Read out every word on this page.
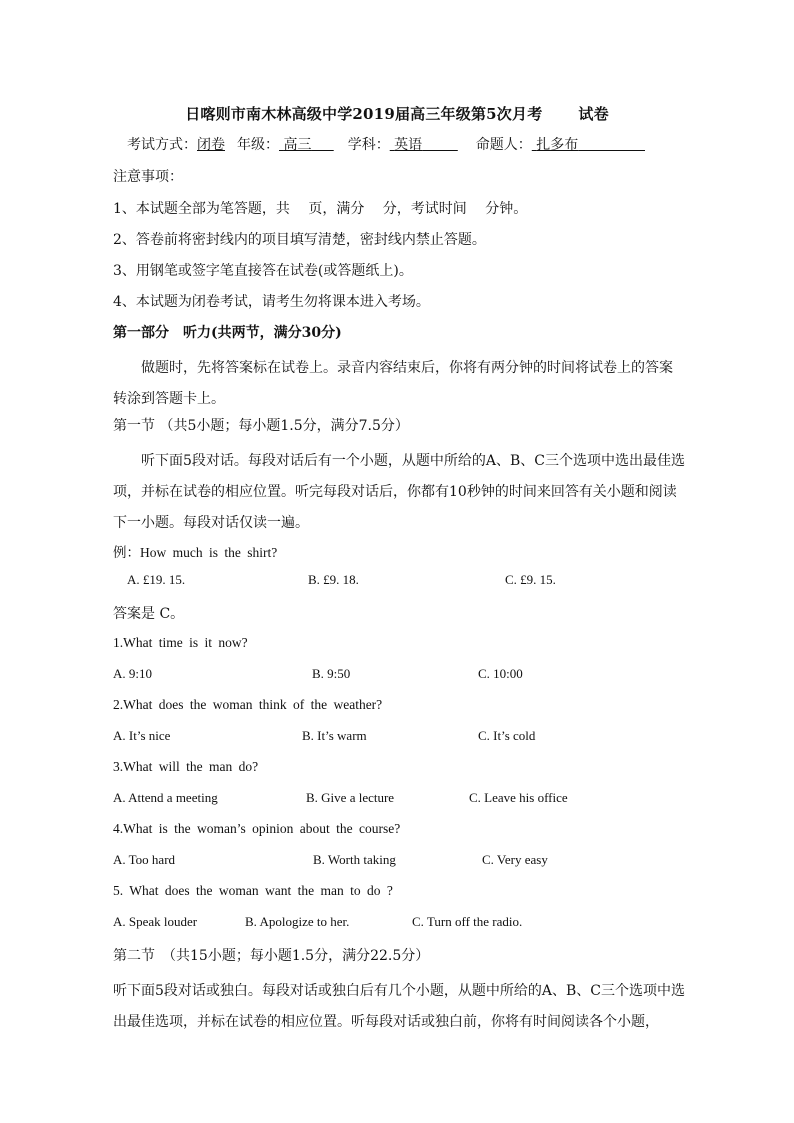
日喀则市南木林高级中学2019届高三年级第5次月考 试卷
考试方式：闭卷 年级： 高三	学科： 英语	命题人： 扎多布
注意事项：
1、本试题全部为笔答题，共　 页，满分　 分，考试时间　 分钟。
2、答卷前将密封线内的项目填写清楚，密封线内禁止答题。
3、用钢笔或签字笔直接答在试卷(或答题纸上)。
4、本试题为闭卷考试，请考生勿将课本进入考场。
第一部分　听力(共两节，满分30分)
做题时，先将答案标在试卷上。录音内容结束后，你将有两分钟的时间将试卷上的答案转涂到答题卡上。
第一节 （共5小题；每小题1.5分，满分7.5分）
听下面5段对话。每段对话后有一个小题，从题中所给的A、B、C三个选项中选出最佳选项，并标在试卷的相应位置。听完每段对话后，你都有10秒钟的时间来回答有关小题和阅读下一小题。每段对话仅读一遍。
例：How much is the shirt?
A. £19. 15.	B. £9. 18.	C. £9. 15.
答案是 C。
1.What time is it now?
A. 9:10	B. 9:50	C. 10:00
2.What does the woman think of the weather?
A. It’s nice	B. It’s warm	C. It’s cold
3.What will the man do?
A. Attend a meeting	B. Give a lecture	C. Leave his office
4.What is the woman’s opinion about the course?
A. Too hard	B. Worth taking	C. Very easy
5. What does the woman want the man to do ?
A. Speak louder	B. Apologize to her.	C. Turn off the radio.
第二节　（共15小题；每小题1.5分，满分22.5分）
听下面5段对话或独白。每段对话或独白后有几个小题，从题中所给的A、B、C三个选项中选出最佳选项，并标在试卷的相应位置。听每段对话或独白前，你将有时间阅读各个小题，
